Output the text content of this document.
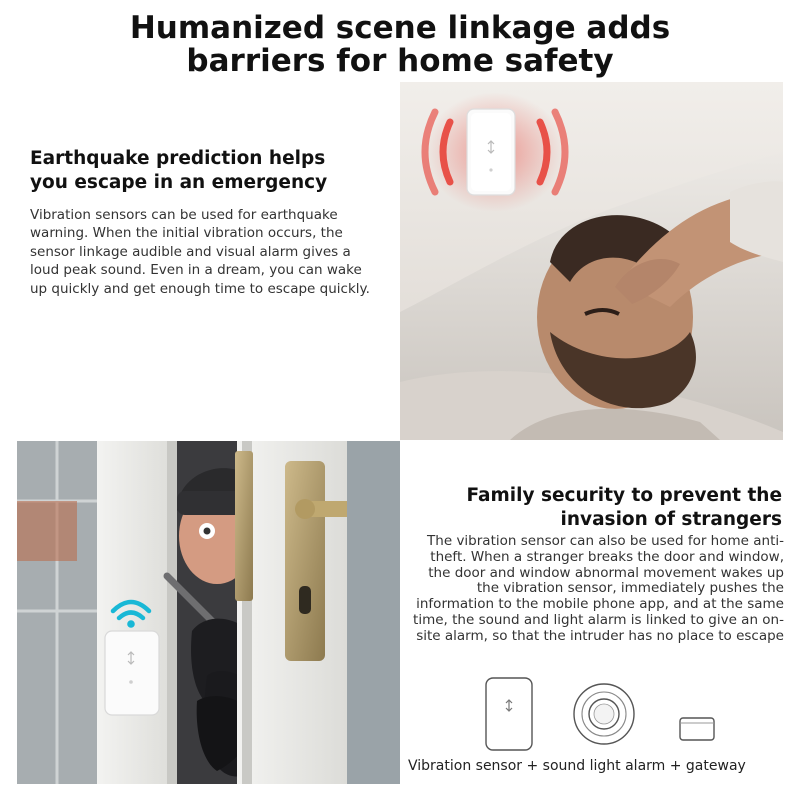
Humanized scene linkage adds
barriers for home safety
Earthquake prediction helps
you escape in an emergency
Vibration sensors can be used for earthquake warning. When the initial vibration occurs, the sensor linkage audible and visual alarm gives a loud peak sound. Even in a dream, you can wake up quickly and get enough time to escape quickly.
Family security to prevent the
invasion of strangers
The vibration sensor can also be used for home anti-theft. When a stranger breaks the door and window, the door and window abnormal movement wakes up the vibration sensor, immediately pushes the information to the mobile phone app, and at the same time, the sound and light alarm is linked to give an on-site alarm, so that the intruder has no place to escape
Vibration sensor + sound light alarm + gateway
